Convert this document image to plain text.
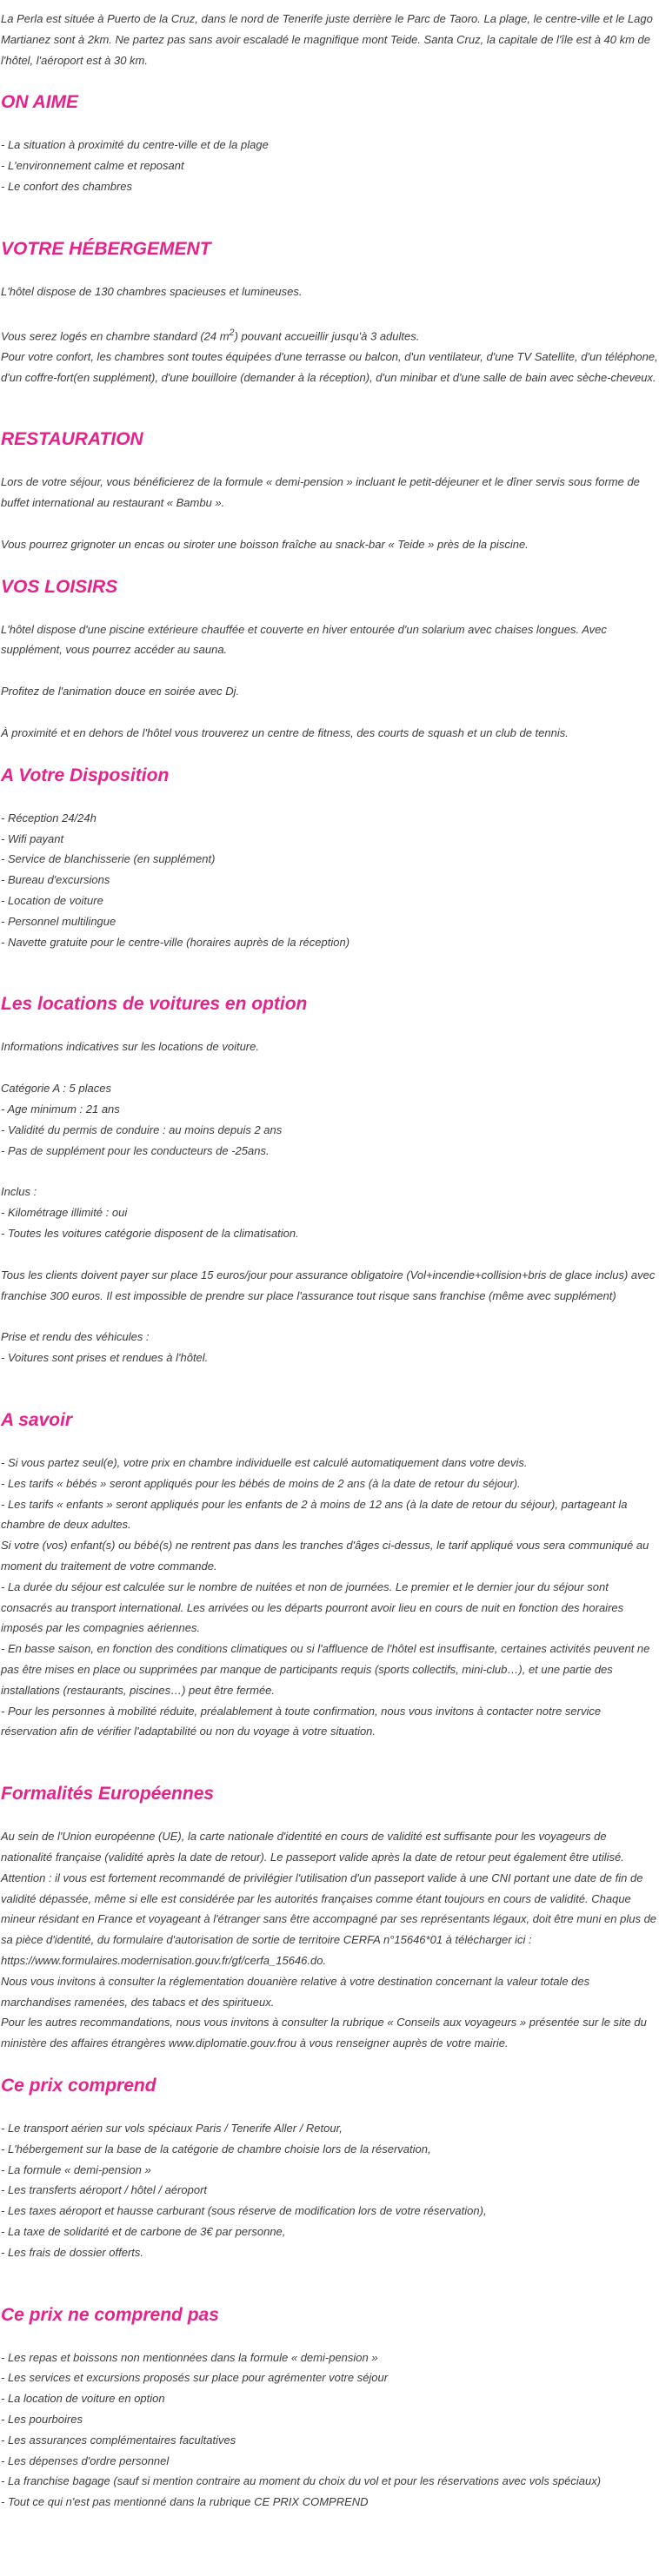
La Perla est située à Puerto de la Cruz, dans le nord de Tenerife juste derrière le Parc de Taoro. La plage, le centre-ville et le Lago Martianez sont à 2km. Ne partez pas sans avoir escaladé le magnifique mont Teide. Santa Cruz, la capitale de l'île est à 40 km de l'hôtel, l'aéroport est à 30 km.

ON AIME
- La situation à proximité du centre-ville et de la plage
- L'environnement calme et reposant
- Le confort des chambres
VOTRE HÉBERGEMENT

L'hôtel dispose de 130 chambres spacieuses et lumineuses.

Vous serez logés en chambre standard (24 $m^2$) pouvant accueillir jusqu'à 3 adultes.

Pour votre confort, les chambres sont toutes équipées d'une terrasse ou balcon, d'un ventilateur, d'une TV Satellite, d'un téléphone, d'un coffre-fort(en supplément), d'une bouilloire (demander à la réception), d'un minibar et d'une salle de bain avec sèche-cheveux.

RESTAURATION

Lors de votre séjour, vous bénéficierez de la formule « demi-pension » incluant le petit-déjeuner et le dîner servis sous forme de buffet international au restaurant « Bambu ».

Vous pourrez grignoter un encas ou siroter une boisson fraîche au snack-bar « Teide » près de la piscine.

VOS LOISIRS

L'hôtel dispose d'une piscine extérieure chauffée et couverte en hiver entourée d'un solarium avec chaises longues. Avec supplément, vous pourrez accéder au sauna.

Profitez de l'animation douce en soirée avec Dj.

À proximité et en dehors de l'hôtel vous trouverez un centre de fitness, des courts de squash et un club de tennis.

A Votre Disposition
- Réception 24/24h
- Wifi payant
- Service de blanchisserie (en supplément)
- Bureau d'excursions
- Location de voiture
- Personnel multilingue
- Navette gratuite pour le centre-ville (horaires auprès de la réception)
Les locations de voitures en option

Informations indicatives sur les locations de voiture.

Catégorie A : 5 places
- Age minimum : 21 ans
- Validité du permis de conduire : au moins depuis 2 ans
- Pas de supplément pour les conducteurs de -25ans.
Inclus :
- Kilométrage illimité : oui
- Toutes les voitures catégorie disposent de la climatisation.

Tous les clients doivent payer sur place 15 euros/jour pour assurance obligatoire (Vol+incendie+collision+bris de glace inclus) avec franchise 300 euros. Il est impossible de prendre sur place l'assurance tout risque sans franchise (même avec supplément)

Prise et rendu des véhicules :
- Voitures sont prises et rendues à l'hôtel.
A savoir

- Si vous partez seul(e), votre prix en chambre individuelle est calculé automatiquement dans votre devis.

- Les tarifs « bébés » seront appliqués pour les bébés de moins de 2 ans (à la date de retour du séjour).

- Les tarifs « enfants » seront appliqués pour les enfants de 2 à moins de 12 ans (à la date de retour du séjour), partageant la chambre de deux adultes.

Si votre (vos) enfant(s) ou bébé(s) ne rentrent pas dans les tranches d'âges ci-dessus, le tarif appliqué vous sera communiqué au moment du traitement de votre commande.

- La durée du séjour est calculée sur le nombre de nuitées et non de journées. Le premier et le dernier jour du séjour sont consacrés au transport international. Les arrivées ou les départs pourront avoir lieu en cours de nuit en fonction des horaires imposés par les compagnies aériennes.

- En basse saison, en fonction des conditions climatiques ou si l'affluence de l'hôtel est insuffisante, certaines activités peuvent ne pas être mises en place ou supprimées par manque de participants requis (sports collectifs, mini-club…), et une partie des installations (restaurants, piscines…) peut être fermée.

- Pour les personnes à mobilité réduite, préalablement à toute confirmation, nous vous invitons à contacter notre service réservation afin de vérifier l'adaptabilité ou non du voyage à votre situation.

Formalités Européennes

Au sein de l'Union européenne (UE), la carte nationale d'identité en cours de validité est suffisante pour les voyageurs de nationalité française (validité après la date de retour). Le passeport valide après la date de retour peut également être utilisé. Attention : il vous est fortement recommandé de privilégier l'utilisation d'un passeport valide à une CNI portant une date de fin de validité dépassée, même si elle est considérée par les autorités françaises comme étant toujours en cours de validité. Chaque mineur résidant en France et voyageant à l'étranger sans être accompagné par ses représentants légaux, doit être muni en plus de sa pièce d'identité, du formulaire d'autorisation de sortie de territoire CERFA n°15646*01 à télécharger ici :

https://www.formulaires.modernisation.gouv.fr/gf/cerfa_15646.do.

Nous vous invitons à consulter la réglementation douanière relative à votre destination concernant la valeur totale des marchandises ramenées, des tabacs et des spiritueux.

Pour les autres recommandations, nous vous invitons à consulter la rubrique « Conseils aux voyageurs » présentée sur le site du ministère des affaires étrangères www.diplomatie.gouv.frou à vous renseigner auprès de votre mairie.

Ce prix comprend
- Le transport aérien sur vols spéciaux Paris / Tenerife Aller / Retour,
- L'hébergement sur la base de la catégorie de chambre choisie lors de la réservation,
- La formule « demi-pension »
- Les transferts aéroport / hôtel / aéroport
- Les taxes aéroport et hausse carburant (sous réserve de modification lors de votre réservation),
- La taxe de solidarité et de carbone de 3€ par personne,
- Les frais de dossier offerts.
Ce prix ne comprend pas
- Les repas et boissons non mentionnées dans la formule « demi-pension »
- Les services et excursions proposés sur place pour agrémenter votre séjour
- La location de voiture en option
- Les pourboires
- Les assurances complémentaires facultatives
- Les dépenses d'ordre personnel
- La franchise bagage (sauf si mention contraire au moment du choix du vol et pour les réservations avec vols spéciaux)
- Tout ce qui n'est pas mentionné dans la rubrique CE PRIX COMPREND
